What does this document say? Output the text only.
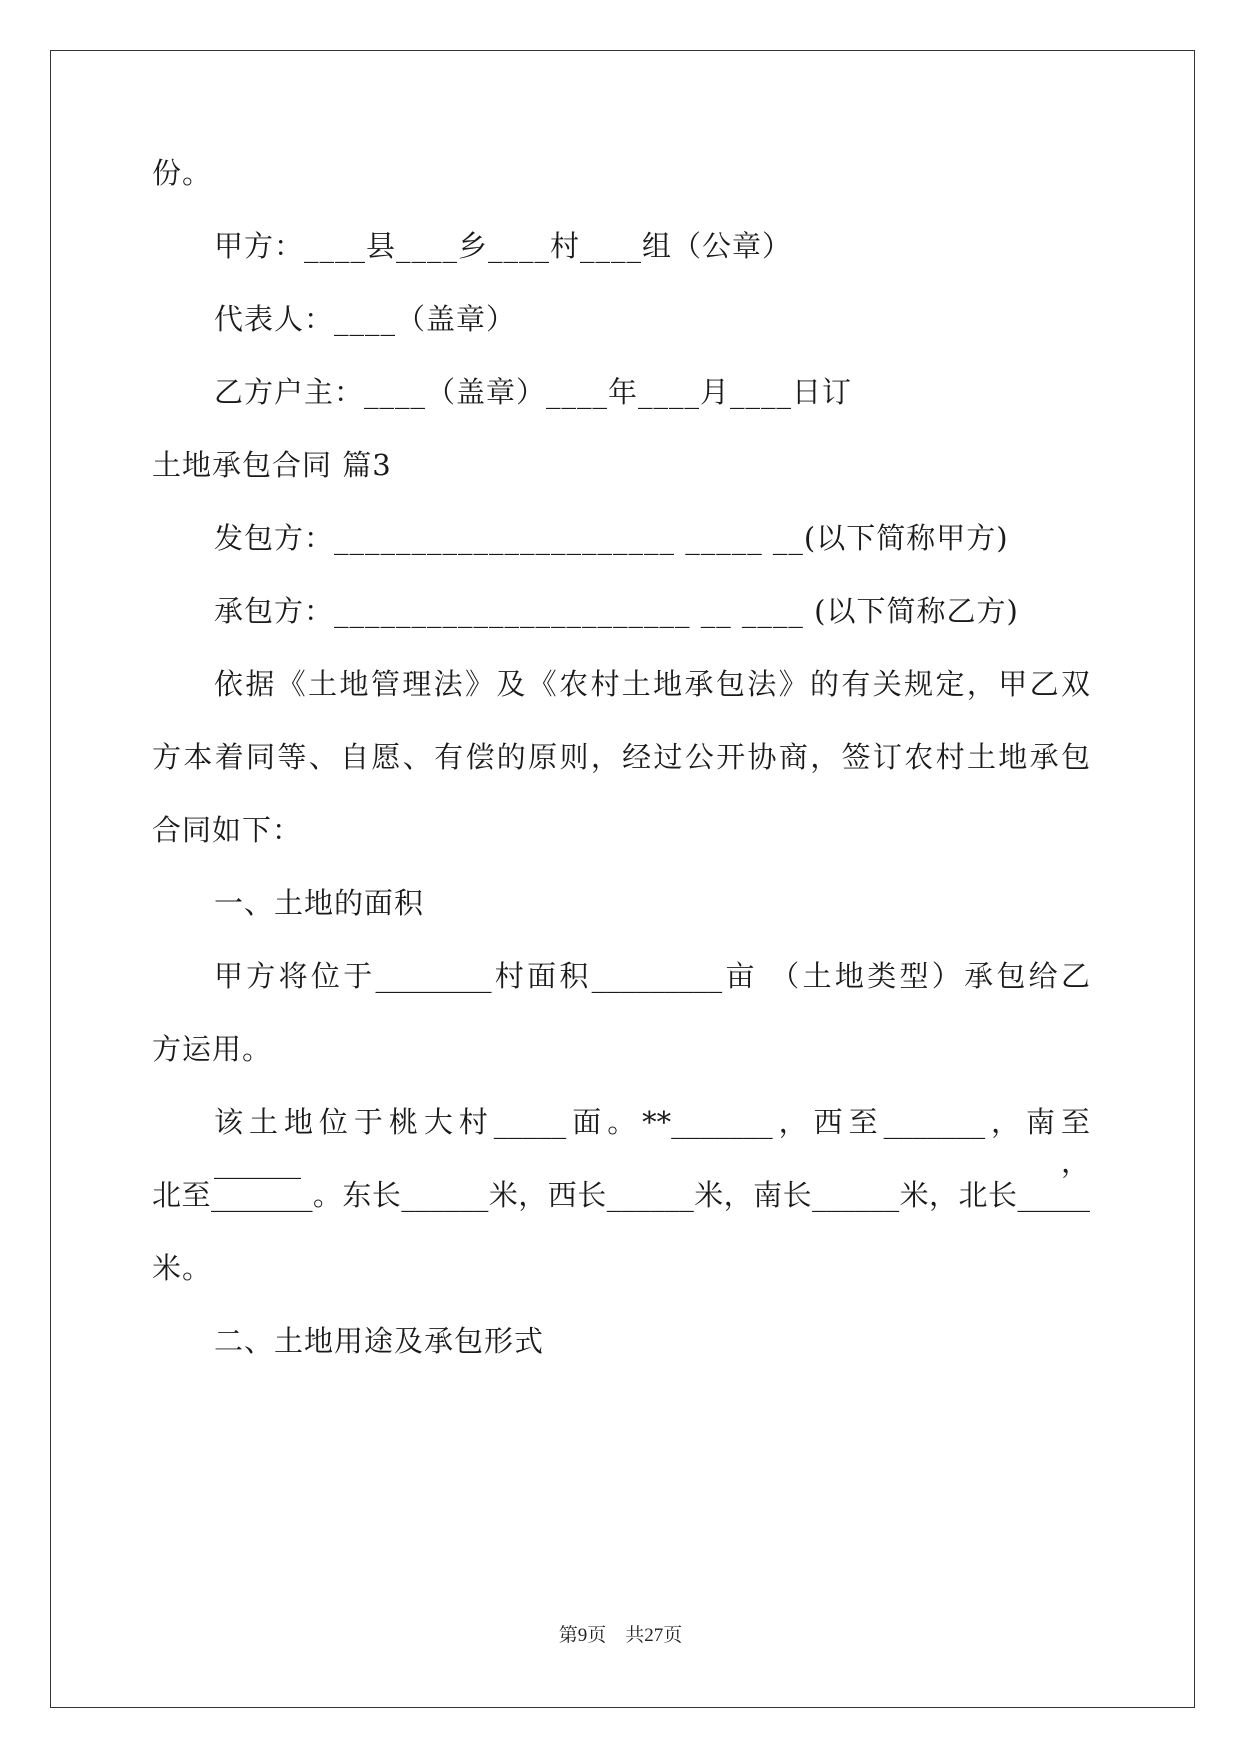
份。
甲方：____县____乡____村____组（公章）
代表人：____（盖章）
乙方户主：____（盖章）____年____月____日订
土地承包合同 篇3
发包方：______________________ _____ __(以下简称甲方)
承包方：_______________________ __ ____ (以下简称乙方)
依据《土地管理法》及《农村土地承包法》的有关规定，甲乙双
方本着同等、自愿、有偿的原则，经过公开协商，签订农村土地承包
合同如下：
一、土地的面积
甲方将位于________村面积_________亩 （土地类型）承包给乙
方运用。
该土地位于桃大村_____面。**_______，西至_______，南至______，
北至_______。东长______米，西长______米，南长______米，北长_____
米。
二、土地用途及承包形式
第9页 共27页
